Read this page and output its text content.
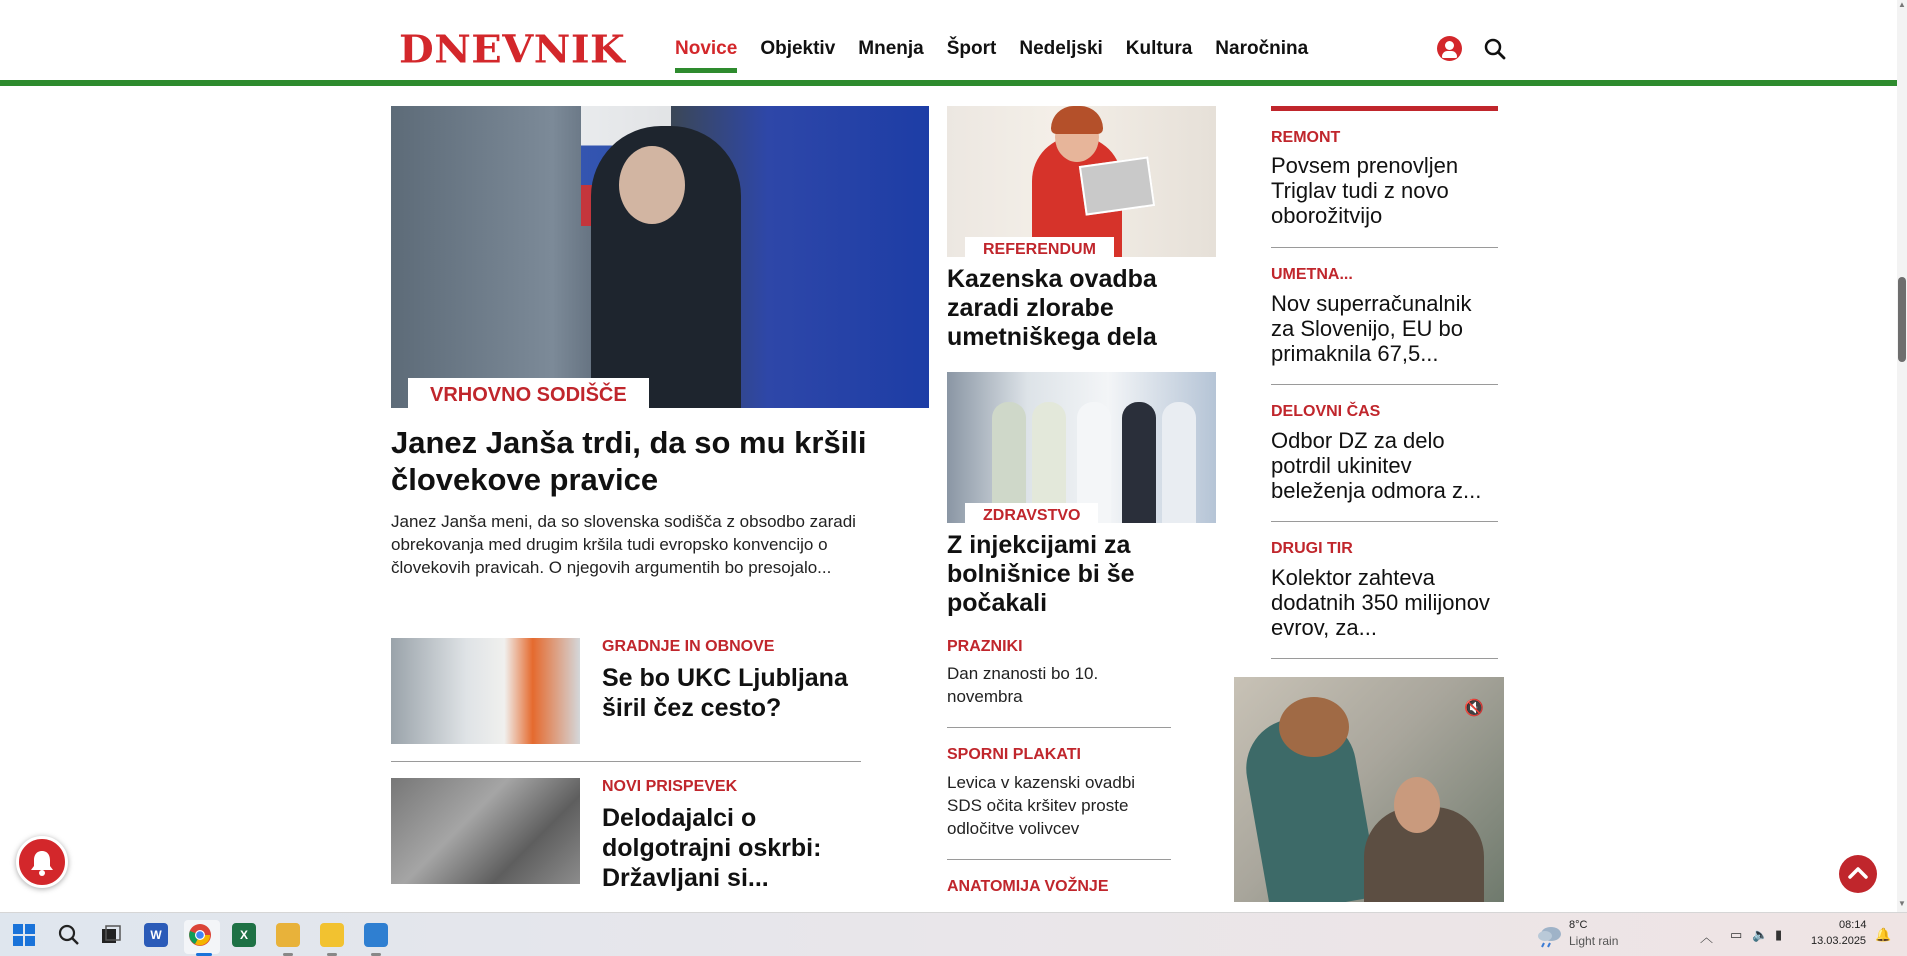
DNEVNIK	Novice Objektiv Mnenja Šport Nedeljski Kultura Naročnina
▲
▼
VRHOVNO SODIŠČE
Janez Janša trdi, da so mu kršili človekove pravice
Janez Janša meni, da so slovenska sodišča z obsodbo zaradi obrekovanja med drugim kršila tudi evropsko konvencijo o človekovih pravicah. O njegovih argumentih bo presojalo...
GRADNJE IN OBNOVE
Se bo UKC Ljubljana širil čez cesto?
NOVI PRISPEVEK
Delodajalci o dolgotrajni oskrbi: Državljani si...
REFERENDUM
Kazenska ovadba zaradi zlorabe umetniškega dela
ZDRAVSTVO
Z injekcijami za bolnišnice bi še počakali
PRAZNIKI
Dan znanosti bo 10. novembra
SPORNI PLAKATI
Levica v kazenski ovadbi SDS očita kršitev proste odločitve volivcev
ANATOMIJA VOŽNJE
REMONT
Povsem prenovljen Triglav tudi z novo oborožitvijo
UMETNA...
Nov superračunalnik za Slovenijo, EU bo primaknila 67,5...
DELOVNI ČAS
Odbor DZ za delo potrdil ukinitev beleženja odmora z...
DRUGI TIR
Kolektor zahteva dodatnih 350 milijonov evrov, za...
🔇
W	X
8°C
Light rain	︿ ▭ 🔈 ▮
08:14
13.03.2025 🔔
